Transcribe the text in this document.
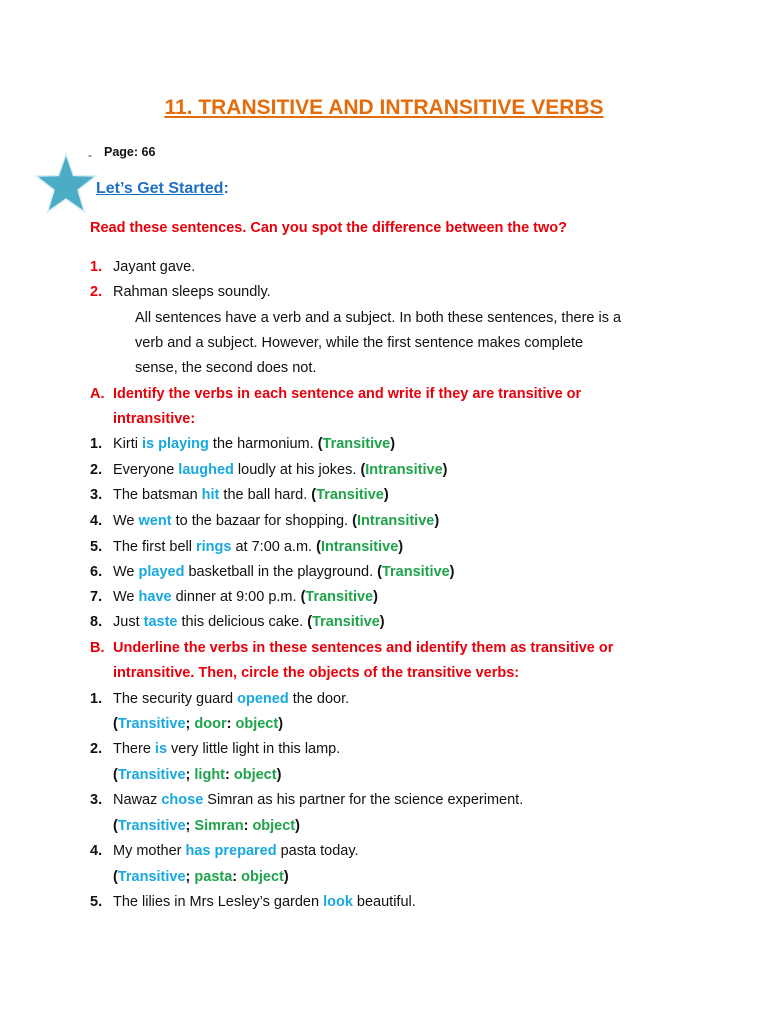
11. TRANSITIVE AND INTRANSITIVE VERBS
- Page: 66
Let’s Get Started:
Read these sentences. Can you spot the difference between the two?
1. Jayant gave.
2. Rahman sleeps soundly.
All sentences have a verb and a subject. In both these sentences, there is a
verb and a subject. However, while the first sentence makes complete
sense, the second does not.
A. Identify the verbs in each sentence and write if they are transitive or
intransitive:
1. Kirti is playing the harmonium. (Transitive)
2. Everyone laughed loudly at his jokes. (Intransitive)
3. The batsman hit the ball hard. (Transitive)
4. We went to the bazaar for shopping. (Intransitive)
5. The first bell rings at 7:00 a.m. (Intransitive)
6. We played basketball in the playground. (Transitive)
7. We have dinner at 9:00 p.m. (Transitive)
8. Just taste this delicious cake. (Transitive)
B. Underline the verbs in these sentences and identify them as transitive or
intransitive. Then, circle the objects of the transitive verbs:
1. The security guard opened the door.
(Transitive; door: object)
2. There is very little light in this lamp.
(Transitive; light: object)
3. Nawaz chose Simran as his partner for the science experiment.
(Transitive; Simran: object)
4. My mother has prepared pasta today.
(Transitive; pasta: object)
5. The lilies in Mrs Lesley’s garden look beautiful.
